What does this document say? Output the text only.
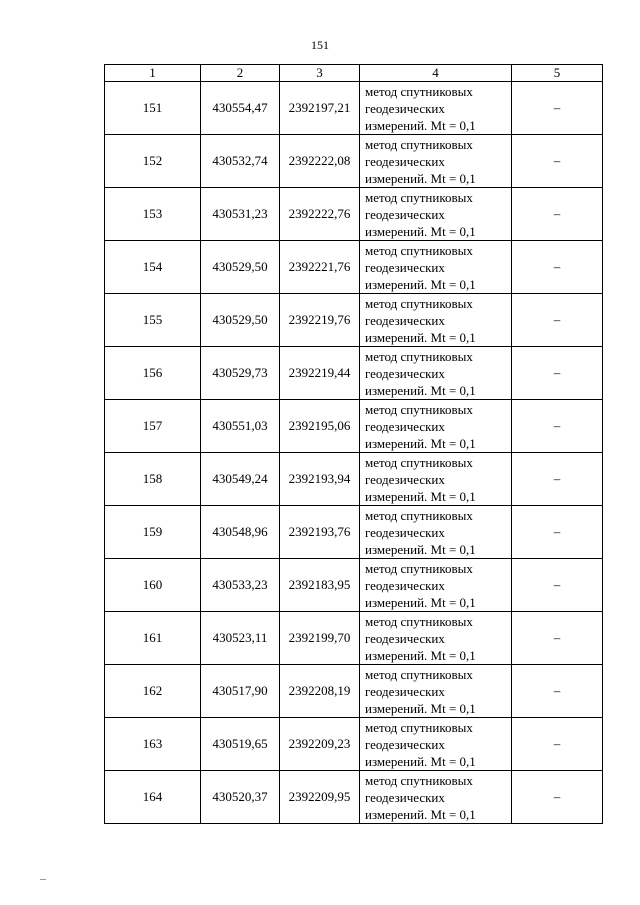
151
1	2	3	4	5
151	430554,47	2392197,21	метод спутниковых
геодезических
измерений. Mt = 0,1	–
152	430532,74	2392222,08	метод спутниковых
геодезических
измерений. Mt = 0,1	–
153	430531,23	2392222,76	метод спутниковых
геодезических
измерений. Mt = 0,1	–
154	430529,50	2392221,76	метод спутниковых
геодезических
измерений. Mt = 0,1	–
155	430529,50	2392219,76	метод спутниковых
геодезических
измерений. Mt = 0,1	–
156	430529,73	2392219,44	метод спутниковых
геодезических
измерений. Mt = 0,1	–
157	430551,03	2392195,06	метод спутниковых
геодезических
измерений. Mt = 0,1	–
158	430549,24	2392193,94	метод спутниковых
геодезических
измерений. Mt = 0,1	–
159	430548,96	2392193,76	метод спутниковых
геодезических
измерений. Mt = 0,1	–
160	430533,23	2392183,95	метод спутниковых
геодезических
измерений. Mt = 0,1	–
161	430523,11	2392199,70	метод спутниковых
геодезических
измерений. Mt = 0,1	–
162	430517,90	2392208,19	метод спутниковых
геодезических
измерений. Mt = 0,1	–
163	430519,65	2392209,23	метод спутниковых
геодезических
измерений. Mt = 0,1	–
164	430520,37	2392209,95	метод спутниковых
геодезических
измерений. Mt = 0,1	–
